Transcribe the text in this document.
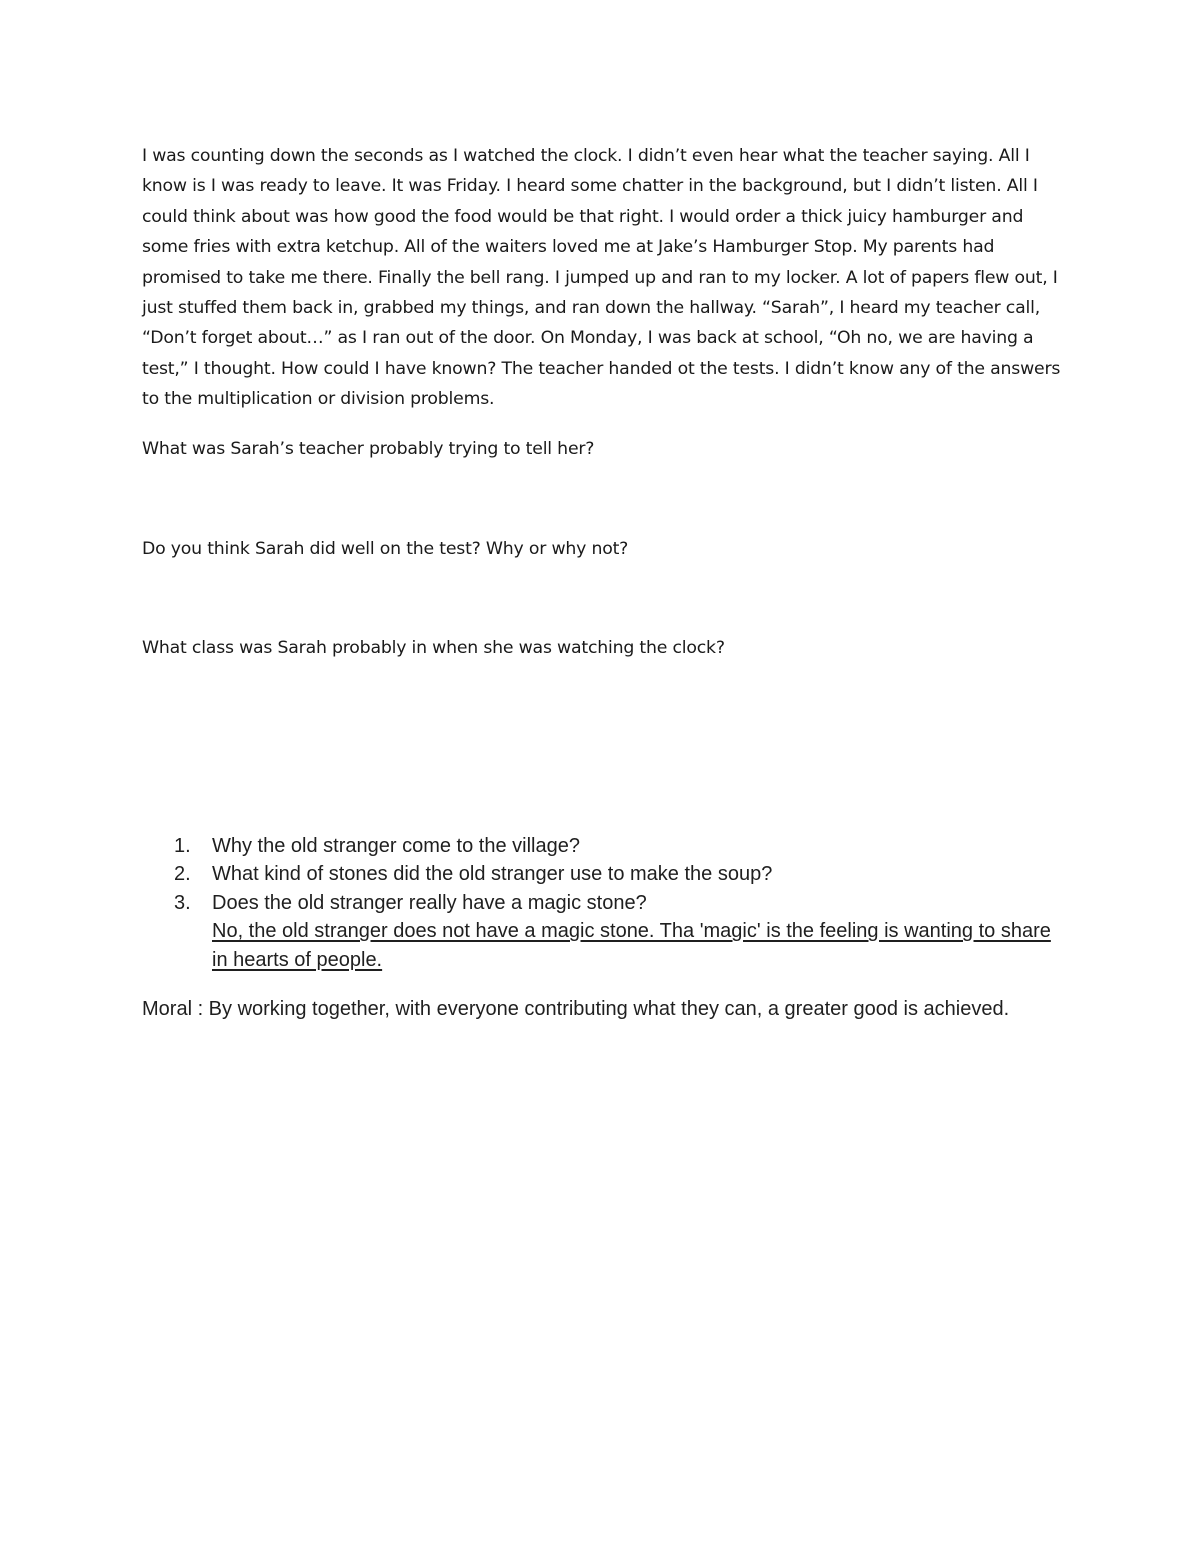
I was counting down the seconds as I watched the clock. I didn’t even hear what the teacher saying. All I know is I was ready to leave. It was Friday. I heard some chatter in the background, but I didn’t listen. All I could think about was how good the food would be that right. I would order a thick juicy hamburger and some fries with extra ketchup. All of the waiters loved me at Jake’s Hamburger Stop. My parents had promised to take me there. Finally the bell rang. I jumped up and ran to my locker. A lot of papers flew out, I just stuffed them back in, grabbed my things, and ran down the hallway. “Sarah”, I heard my teacher call, “Don’t forget about…” as I ran out of the door. On Monday, I was back at school, “Oh no, we are having a test,” I thought. How could I have known? The teacher handed ot the tests. I didn’t know any of the answers to the multiplication or division problems.

What was Sarah’s teacher probably trying to tell her?

Do you think Sarah did well on the test? Why or why not?

What class was Sarah probably in when she was watching the clock?

1. Why the old stranger come to the village?
2. What kind of stones did the old stranger use to make the soup?
3. Does the old stranger really have a magic stone?
No, the old stranger does not have a magic stone. Tha 'magic' is the feeling is wanting to share in hearts of people.

Moral : By working together, with everyone contributing what they can, a greater good is achieved.
